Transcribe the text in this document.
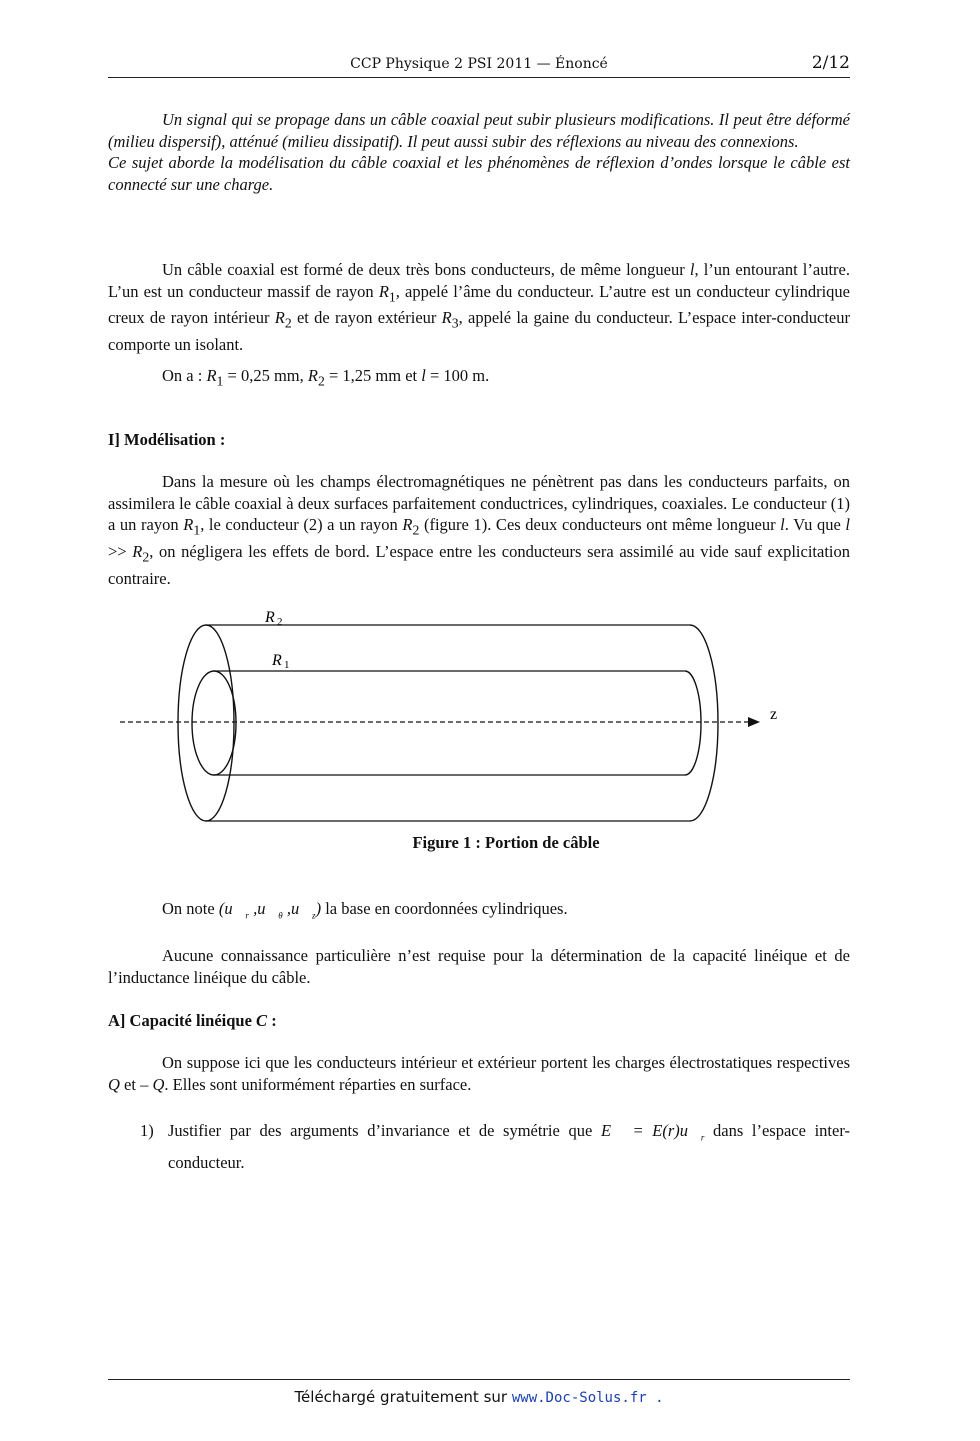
CCP Physique 2 PSI 2011 — Énoncé	2/12
Un signal qui se propage dans un câble coaxial peut subir plusieurs modifications. Il peut être déformé (milieu dispersif), atténué (milieu dissipatif). Il peut aussi subir des réflexions au niveau des connexions.
Ce sujet aborde la modélisation du câble coaxial et les phénomènes de réflexion d’ondes lorsque le câble est connecté sur une charge.
Un câble coaxial est formé de deux très bons conducteurs, de même longueur l, l’un entourant l’autre. L’un est un conducteur massif de rayon $R_1$, appelé l’âme du conducteur. L’autre est un conducteur cylindrique creux de rayon intérieur $R_2$ et de rayon extérieur $R_3$, appelé la gaine du conducteur. L’espace inter-conducteur comporte un isolant.
On a : $R_1 = 0,25$ mm, $R_2 = 1,25$ mm et l = 100 m.
I] Modélisation :
Dans la mesure où les champs électromagnétiques ne pénètrent pas dans les conducteurs parfaits, on assimilera le câble coaxial à deux surfaces parfaitement conductrices, cylindriques, coaxiales. Le conducteur (1) a un rayon $R_1$, le conducteur (2) a un rayon $R_2$ (figure 1). Ces deux conducteurs ont même longueur l. Vu que $l >> R_2$, on négligera les effets de bord. L’espace entre les conducteurs sera assimilé au vide sauf explicitation contraire.
R 2
R 1
z
Figure 1 : Portion de câble
On note ($u_r$ $,u_\theta$ $,u_z$) la base en coordonnées cylindriques.
Aucune connaissance particulière n’est requise pour la détermination de la capacité linéique et de l’inductance linéique du câble.
A] Capacité linéique C :
On suppose ici que les conducteurs intérieur et extérieur portent les charges électrostatiques respectives Q et – Q. Elles sont uniformément réparties en surface.
1) Justifier par des arguments d’invariance et de symétrie que E⃗ = $E(r)u_r$ dans l’espace inter-conducteur.
Téléchargé gratuitement sur www.Doc-Solus.fr .
